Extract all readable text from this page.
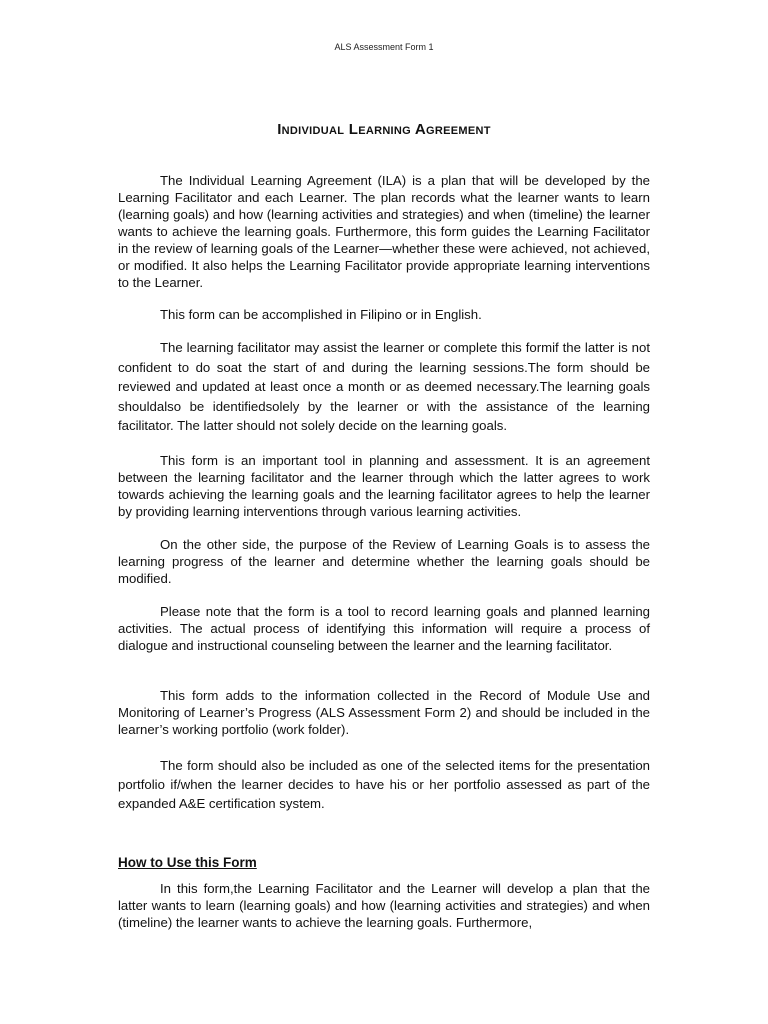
ALS Assessment Form 1
Individual Learning Agreement

The Individual Learning Agreement (ILA) is a plan that will be developed by the Learning Facilitator and each Learner. The plan records what the learner wants to learn (learning goals) and how (learning activities and strategies) and when (timeline) the learner wants to achieve the learning goals. Furthermore, this form guides the Learning Facilitator in the review of learning goals of the Learner—whether these were achieved, not achieved, or modified. It also helps the Learning Facilitator provide appropriate learning interventions to the Learner.

This form can be accomplished in Filipino or in English.

The learning facilitator may assist the learner or complete this formif the latter is not confident to do soat the start of and during the learning sessions.The form should be reviewed and updated at least once a month or as deemed necessary.The learning goals shouldalso be identifiedsolely by the learner or with the assistance of the learning facilitator. The latter should not solely decide on the learning goals.

This form is an important tool in planning and assessment. It is an agreement between the learning facilitator and the learner through which the latter agrees to work towards achieving the learning goals and the learning facilitator agrees to help the learner by providing learning interventions through various learning activities.

On the other side, the purpose of the Review of Learning Goals is to assess the learning progress of the learner and determine whether the learning goals should be modified.

Please note that the form is a tool to record learning goals and planned learning activities. The actual process of identifying this information will require a process of dialogue and instructional counseling between the learner and the learning facilitator.

This form adds to the information collected in the Record of Module Use and Monitoring of Learner’s Progress (ALS Assessment Form 2) and should be included in the learner’s working portfolio (work folder).

The form should also be included as one of the selected items for the presentation portfolio if/when the learner decides to have his or her portfolio assessed as part of the expanded A&E certification system.

How to Use this Form

In this form,the Learning Facilitator and the Learner will develop a plan that the latter wants to learn (learning goals) and how (learning activities and strategies) and when (timeline) the learner wants to achieve the learning goals. Furthermore,
